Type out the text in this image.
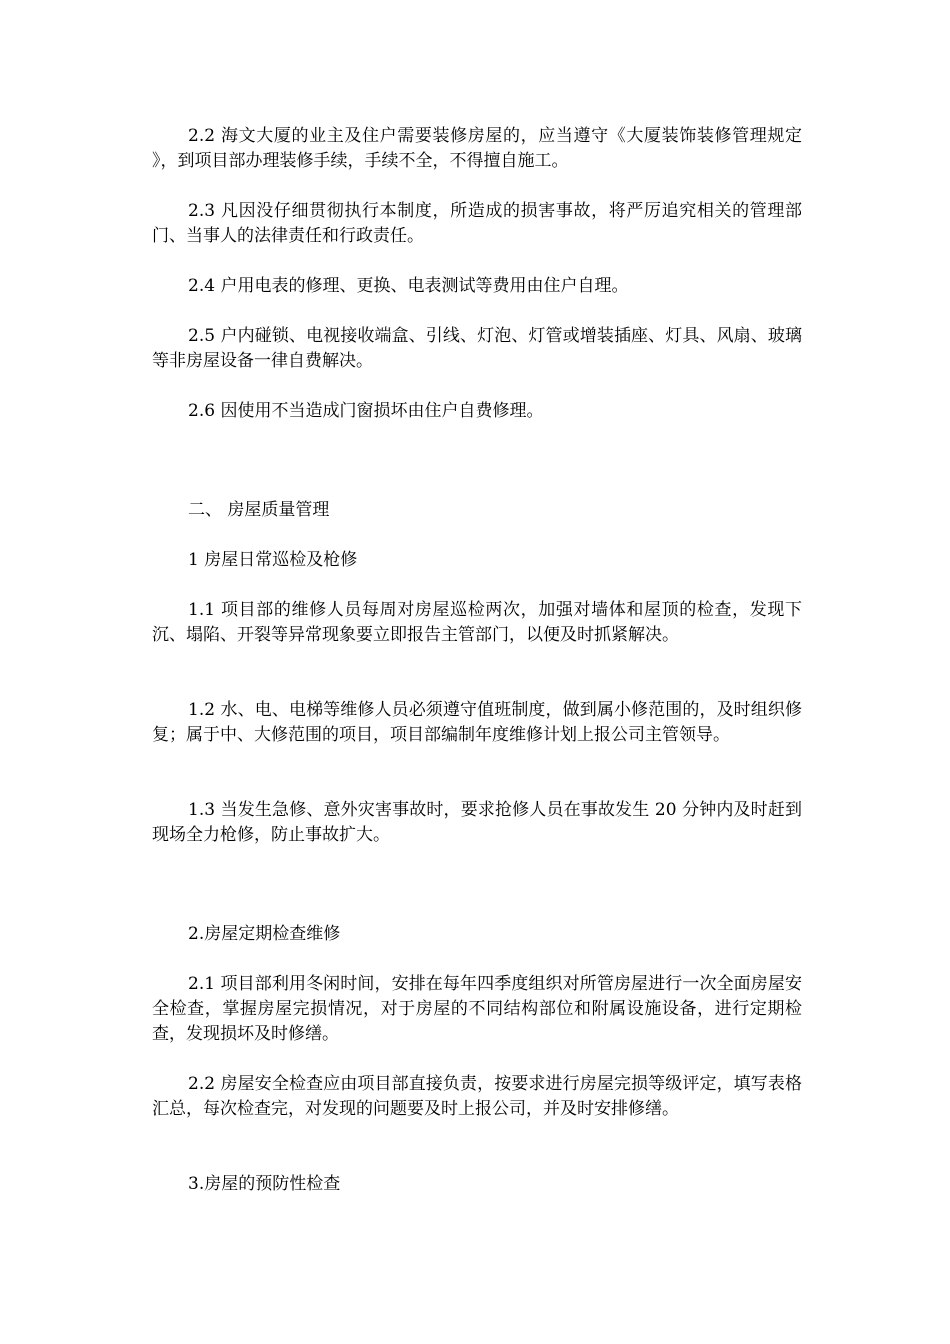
2.2 海文大厦的业主及住户需要装修房屋的，应当遵守《大厦装饰装修管理规定 》，到项目部办理装修手续，手续不全，不得擅自施工。

2.3 凡因没仔细贯彻执行本制度，所造成的损害事故，将严厉追究相关的管理部门、当事人的法律责任和行政责任。

2.4 户用电表的修理、更换、电表测试等费用由住户自理。

2.5 户内碰锁、电视接收端盒、引线、灯泡、灯管或增装插座、灯具、风扇、玻璃等非房屋设备一律自费解决。

2.6 因使用不当造成门窗损坏由住户自费修理。

二、 房屋质量管理

1 房屋日常巡检及枪修

1.1 项目部的维修人员每周对房屋巡检两次，加强对墙体和屋顶的检查，发现下沉、塌陷、开裂等异常现象要立即报告主管部门，以便及时抓紧解决。

1.2 水、电、电梯等维修人员必须遵守值班制度，做到属小修范围的，及时组织修复；属于中、大修范围的项目，项目部编制年度维修计划上报公司主管领导。

1.3 当发生急修、意外灾害事故时，要求抢修人员在事故发生 20 分钟内及时赶到现场全力枪修，防止事故扩大。

2.房屋定期检查维修

2.1 项目部利用冬闲时间，安排在每年四季度组织对所管房屋进行一次全面房屋安全检查，掌握房屋完损情况，对于房屋的不同结构部位和附属设施设备，进行定期检查，发现损坏及时修缮。

2.2 房屋安全检查应由项目部直接负责，按要求进行房屋完损等级评定，填写表格汇总，每次检查完，对发现的问题要及时上报公司，并及时安排修缮。

3.房屋的预防性检查
